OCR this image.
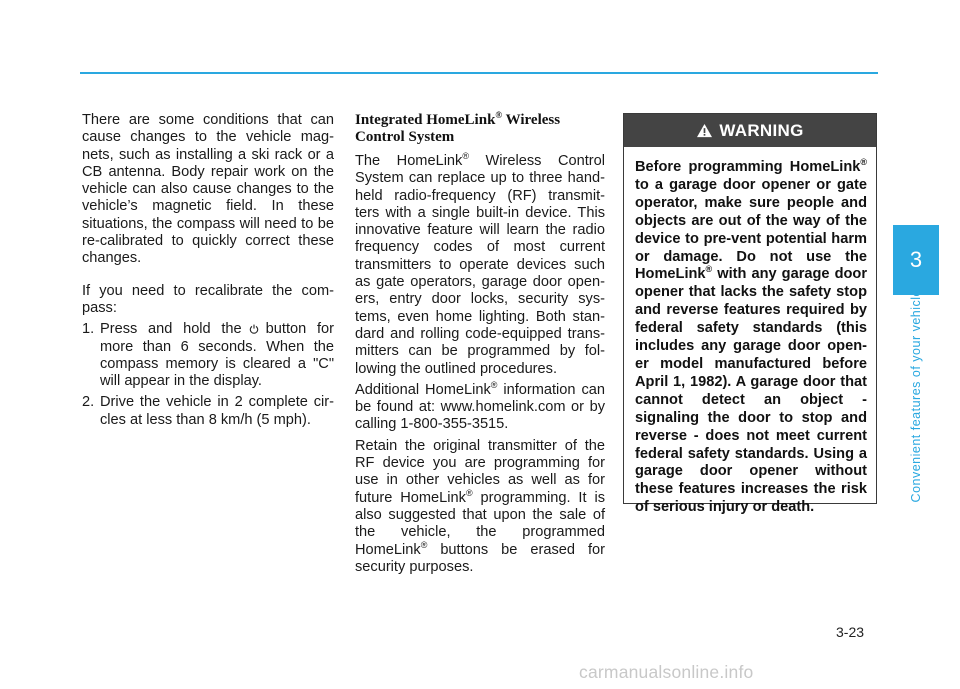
There are some conditions that can cause changes to the vehicle mag-nets, such as installing a ski rack or a CB antenna. Body repair work on the vehicle can also cause changes to the vehicle’s magnetic field. In these situations, the compass will need to be re-calibrated to quickly correct these changes.

If you need to recalibrate the com-pass:

1. Press and hold the button for more than 6 seconds. When the compass memory is cleared a "C" will appear in the display.
2. Drive the vehicle in 2 complete cir-cles at less than 8 km/h (5 mph).
Integrated HomeLink® Wireless Control System

The HomeLink® Wireless Control System can replace up to three hand-held radio-frequency (RF) transmit-ters with a single built-in device. This innovative feature will learn the radio frequency codes of most current transmitters to operate devices such as gate operators, garage door open-ers, entry door locks, security sys-tems, even home lighting. Both stan-dard and rolling code-equipped trans-mitters can be programmed by fol-lowing the outlined procedures.

Additional HomeLink® information can be found at: www.homelink.com or by calling 1-800-355-3515.

Retain the original transmitter of the RF device you are programming for use in other vehicles as well as for future HomeLink® programming. It is also suggested that upon the sale of the vehicle, the programmed HomeLink® buttons be erased for security purposes.

WARNING
Before programming HomeLink® to a garage door opener or gate operator, make sure people and objects are out of the way of the device to pre-vent potential harm or damage. Do not use the HomeLink® with any garage door opener that lacks the safety stop and reverse features required by federal safety standards (this includes any garage door open-er model manufactured before April 1, 1982). A garage door that cannot detect an object - signaling the door to stop and reverse - does not meet current federal safety standards. Using a garage door opener without these features increases the risk of serious injury or death.
3
Convenient features of your vehicle
3-23
carmanualsonline.info
